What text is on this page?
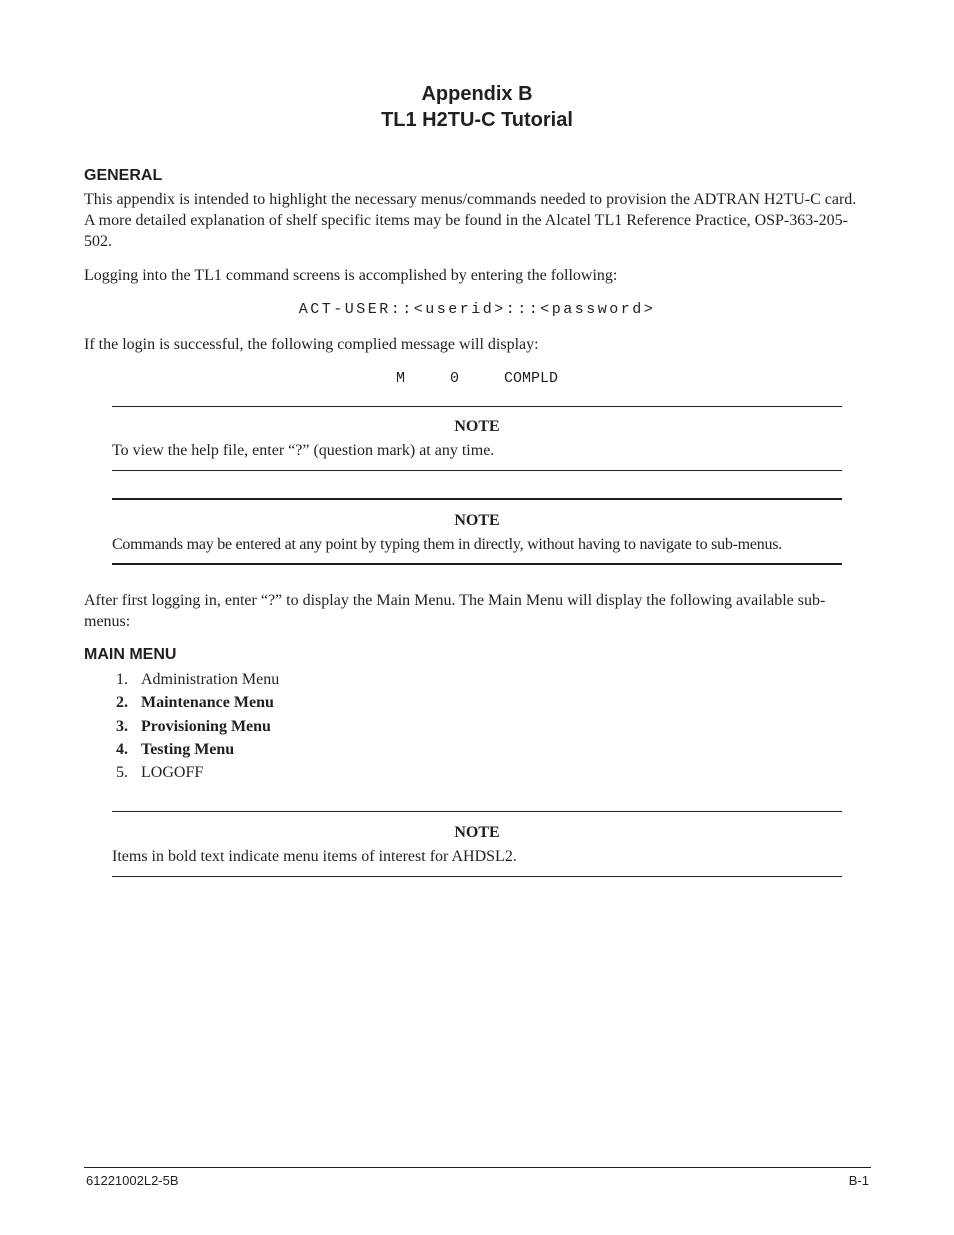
Appendix B
TL1 H2TU-C Tutorial
GENERAL
This appendix is intended to highlight the necessary menus/commands needed to provision the ADTRAN H2TU-C card. A more detailed explanation of shelf specific items may be found in the Alcatel TL1 Reference Practice, OSP-363-205-502.
Logging into the TL1 command screens is accomplished by entering the following:
ACT-USER::<userid>:::<password>
If the login is successful, the following complied message will display:
M     0     COMPLD
NOTE
To view the help file, enter “?” (question mark) at any time.
NOTE
Commands may be entered at any point by typing them in directly, without having to navigate to sub-menus.
After first logging in, enter “?” to display the Main Menu. The Main Menu will display the following available sub-menus:
MAIN MENU
1. Administration Menu
2. Maintenance Menu
3. Provisioning Menu
4. Testing Menu
5. LOGOFF
NOTE
Items in bold text indicate menu items of interest for AHDSL2.
61221002L2-5B	B-1
